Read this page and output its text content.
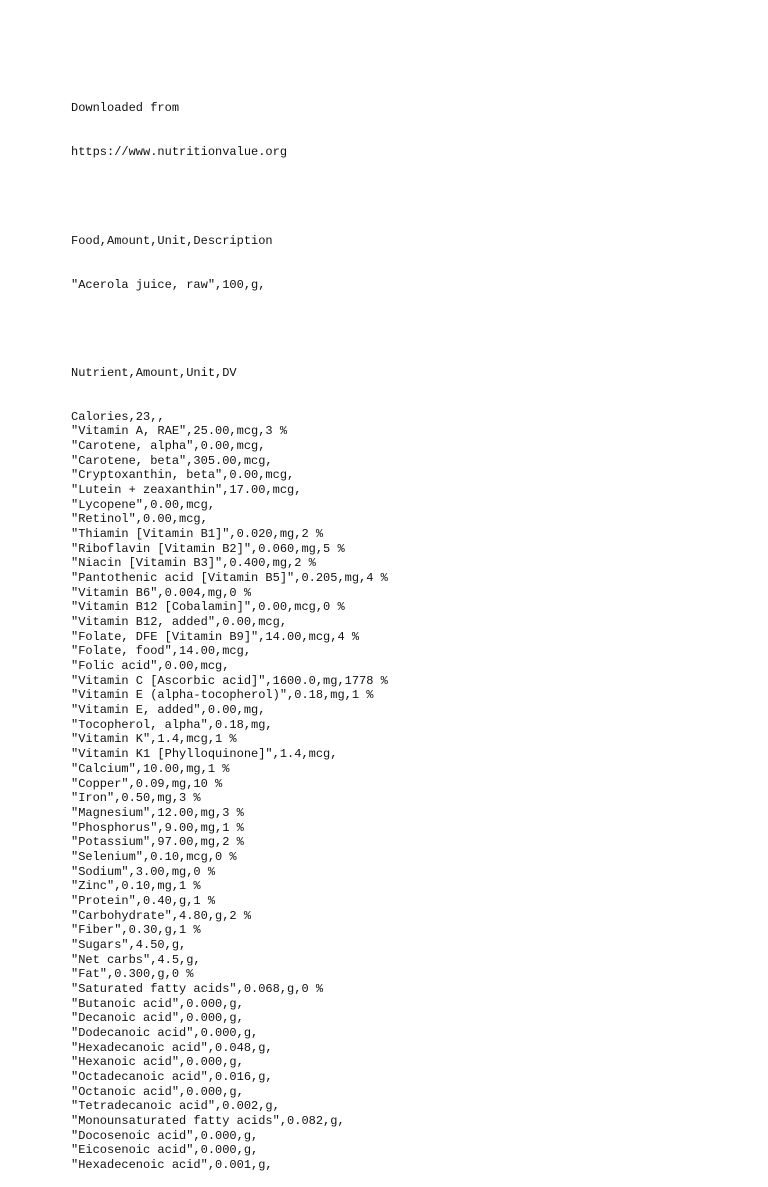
Downloaded from

https://www.nutritionvalue.org

Food,Amount,Unit,Description

"Acerola juice, raw",100,g,

Nutrient,Amount,Unit,DV

Calories,23,,
"Vitamin A, RAE",25.00,mcg,3 %
"Carotene, alpha",0.00,mcg,
"Carotene, beta",305.00,mcg,
"Cryptoxanthin, beta",0.00,mcg,
"Lutein + zeaxanthin",17.00,mcg,
"Lycopene",0.00,mcg,
"Retinol",0.00,mcg,
"Thiamin [Vitamin B1]",0.020,mg,2 %
"Riboflavin [Vitamin B2]",0.060,mg,5 %
"Niacin [Vitamin B3]",0.400,mg,2 %
"Pantothenic acid [Vitamin B5]",0.205,mg,4 %
"Vitamin B6",0.004,mg,0 %
"Vitamin B12 [Cobalamin]",0.00,mcg,0 %
"Vitamin B12, added",0.00,mcg,
"Folate, DFE [Vitamin B9]",14.00,mcg,4 %
"Folate, food",14.00,mcg,
"Folic acid",0.00,mcg,
"Vitamin C [Ascorbic acid]",1600.0,mg,1778 %
"Vitamin E (alpha-tocopherol)",0.18,mg,1 %
"Vitamin E, added",0.00,mg,
"Tocopherol, alpha",0.18,mg,
"Vitamin K",1.4,mcg,1 %
"Vitamin K1 [Phylloquinone]",1.4,mcg,
"Calcium",10.00,mg,1 %
"Copper",0.09,mg,10 %
"Iron",0.50,mg,3 %
"Magnesium",12.00,mg,3 %
"Phosphorus",9.00,mg,1 %
"Potassium",97.00,mg,2 %
"Selenium",0.10,mcg,0 %
"Sodium",3.00,mg,0 %
"Zinc",0.10,mg,1 %
"Protein",0.40,g,1 %
"Carbohydrate",4.80,g,2 %
"Fiber",0.30,g,1 %
"Sugars",4.50,g,
"Net carbs",4.5,g,
"Fat",0.300,g,0 %
"Saturated fatty acids",0.068,g,0 %
"Butanoic acid",0.000,g,
"Decanoic acid",0.000,g,
"Dodecanoic acid",0.000,g,
"Hexadecanoic acid",0.048,g,
"Hexanoic acid",0.000,g,
"Octadecanoic acid",0.016,g,
"Octanoic acid",0.000,g,
"Tetradecanoic acid",0.002,g,
"Monounsaturated fatty acids",0.082,g,
"Docosenoic acid",0.000,g,
"Eicosenoic acid",0.000,g,
"Hexadecenoic acid",0.001,g,
